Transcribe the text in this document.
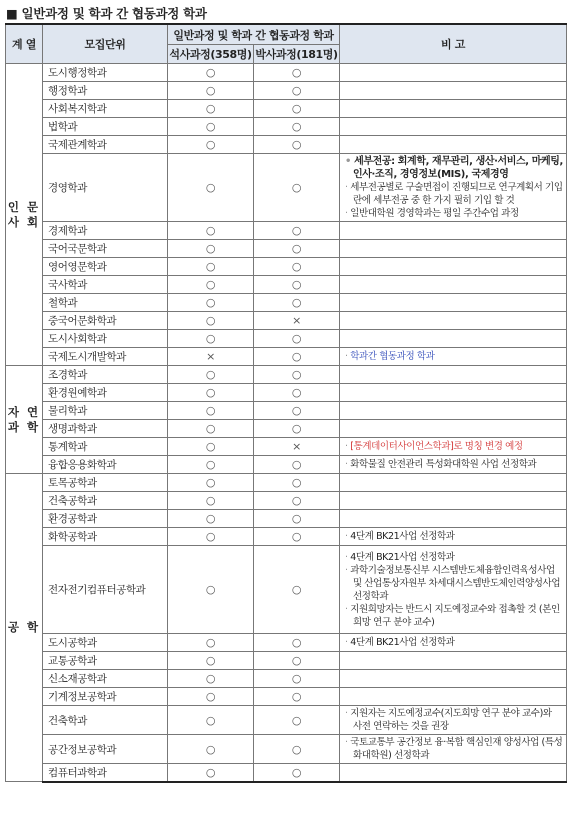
■ 일반과정 및 학과 간 협동과정 학과
계 열	모집단위	일반과정 및 학과 간 협동과정 학과		비 고
		석사과정(358명)	박사과정(181명)	
인 문
사 회	도시행정학과	○	○	
	행정학과	○	○	
	사회복지학과	○	○	
	법학과	○	○	
	국제관계학과	○	○	
	경영학과	○	○	• 세부전공: 회계학, 재무관리, 생산·서비스, 마케팅, 인사·조직, 경영정보(MIS), 국제경영
· 세부전공별로 구술면접이 진행되므로 연구계획서 기입란에 세부전공 중 한 가지 필히 기입 할 것
· 일반대학원 경영학과는 평일 주간수업 과정

	경제학과	○	○	
	국어국문학과	○	○	
	영어영문학과	○	○	
	국사학과	○	○	
	철학과	○	○	
	중국어문화학과	○	×	
	도시사회학과	○	○	
	국제도시개발학과	×	○	· 학과간 협동과정 학과

자 연
과 학	조경학과	○	○	
	환경원예학과	○	○	
	물리학과	○	○	
	생명과학과	○	○	
	통계학과	○	×	· [통계데이터사이언스학과]로 명칭 변경 예정

	융합응용화학과	○	○	· 화학물질 안전관리 특성화대학원 사업 선정학과

공 학	토목공학과	○	○	
	건축공학과	○	○	
	환경공학과	○	○	
	화학공학과	○	○	· 4단계 BK21사업 선정학과

	전자전기컴퓨터공학과	○	○	· 4단계 BK21사업 선정학과
· 과학기술정보통신부 시스템반도체융합인력육성사업 및 산업통상자원부 차세대시스템반도체인력양성사업 선정학과
· 지원희망자는 반드시 지도예정교수와 접촉할 것 (본인 희망 연구 분야 교수)

	도시공학과	○	○	· 4단계 BK21사업 선정학과

	교통공학과	○	○	
	신소재공학과	○	○	
	기계정보공학과	○	○	
	건축학과	○	○	· 지원자는 지도예정교수(지도희망 연구 분야 교수)와 사전 연락하는 것을 권장

	공간정보공학과	○	○	· 국토교통부 공간정보 융·복합 핵심인재 양성사업 (특성화대학원) 선정학과

	컴퓨터과학과	○	○	
